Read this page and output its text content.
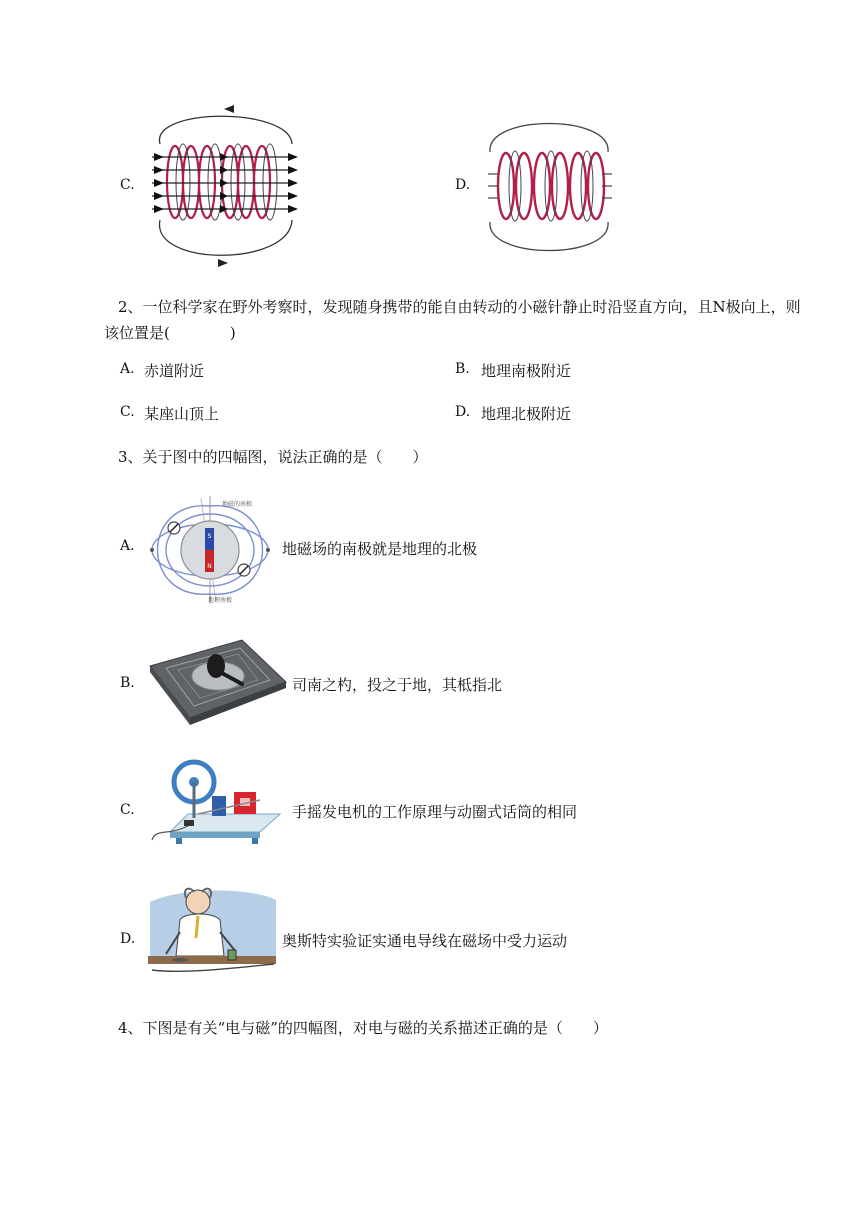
C.	D.
2、一位科学家在野外考察时，发现随身携带的能自由转动的小磁针静止时沿竖直方向，且N极向上，则该位置是(　　　　)
A. 赤道附近	B. 地理南极附近
C. 某座山顶上	D. 地理北极附近
3、关于图中的四幅图，说法正确的是（　　）
A.
S
N
地磁的南极
地理南极
地磁场的南极就是地理的北极
B.	司南之杓，投之于地，其柢指北
C.	手摇发电机的工作原理与动圈式话筒的相同
D.	奥斯特实验证实通电导线在磁场中受力运动
4、下图是有关“电与磁”的四幅图，对电与磁的关系描述正确的是（　　）
